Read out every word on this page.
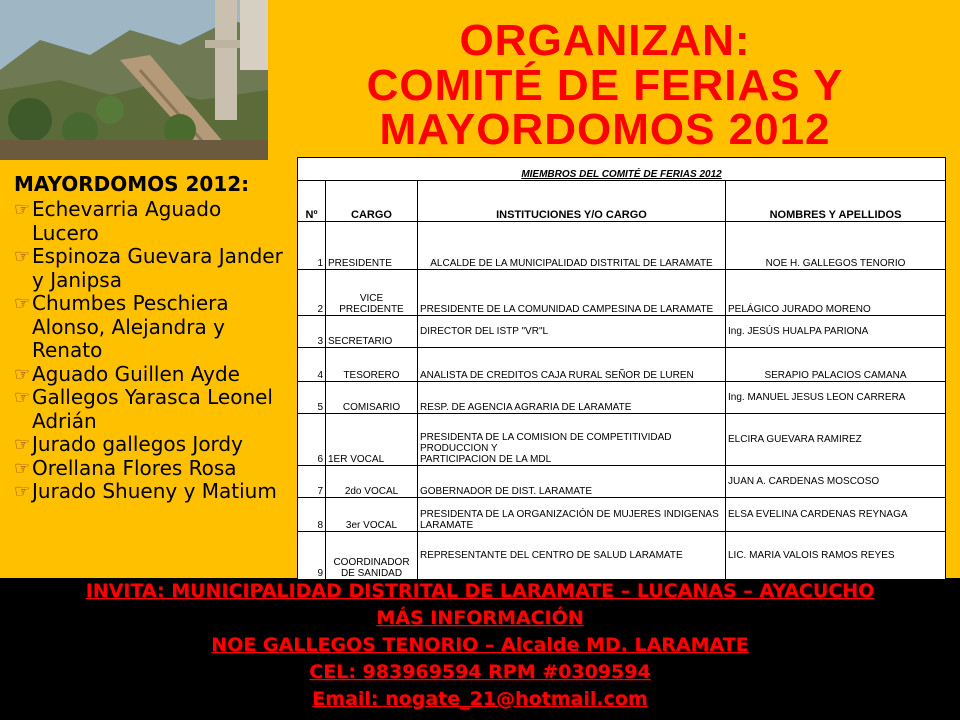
ORGANIZAN:
COMITÉ DE FERIAS Y
MAYORDOMOS 2012
MAYORDOMOS 2012:
☞ Echevarria Aguado Lucero
☞ Espinoza Guevara Jander y Janipsa
☞ Chumbes Peschiera Alonso, Alejandra y Renato
☞ Aguado Guillen Ayde
☞ Gallegos Yarasca Leonel Adrián
☞ Jurado gallegos Jordy
☞ Orellana Flores Rosa
☞ Jurado Shueny y Matium
MIEMBROS DEL COMITÉ DE FERIAS 2012			
Nº	CARGO	INSTITUCIONES Y/O CARGO	NOMBRES Y APELLIDOS
1	PRESIDENTE	ALCALDE DE LA MUNICIPALIDAD DISTRITAL DE LARAMATE	NOE H. GALLEGOS TENORIO
2	VICE PRECIDENTE	PRESIDENTE DE LA COMUNIDAD CAMPESINA DE LARAMATE	PELÁGICO JURADO MORENO
3	SECRETARIO	DIRECTOR DEL ISTP "VR"L	Ing. JESÚS HUALPA PARIONA
4	TESORERO	ANALISTA DE CREDITOS CAJA RURAL SEÑOR DE LUREN	SERAPIO PALACIOS CAMANA
5	COMISARIO	RESP. DE AGENCIA AGRARIA DE LARAMATE	Ing. MANUEL JESUS LEON CARRERA
6	1ER VOCAL	PRESIDENTA DE LA COMISION DE COMPETITIVIDAD PRODUCCION Y
PARTICIPACION DE LA MDL	ELCIRA GUEVARA RAMIREZ
7	2do VOCAL	GOBERNADOR DE DIST. LARAMATE	JUAN A. CARDENAS MOSCOSO
8	3er VOCAL	PRESIDENTA DE LA ORGANIZACIÓN DE MUJERES INDIGENAS LARAMATE	ELSA EVELINA CARDENAS REYNAGA
9	COORDINADOR DE SANIDAD	REPRESENTANTE DEL CENTRO DE SALUD LARAMATE	LIC. MARIA VALOIS RAMOS REYES
INVITA: MUNICIPALIDAD DISTRITAL DE LARAMATE – LUCANAS – AYACUCHO
MÁS INFORMACIÓN
NOE GALLEGOS TENORIO – Alcalde MD. LARAMATE
CEL: 983969594 RPM #0309594
Email: nogate_21@hotmail.com
